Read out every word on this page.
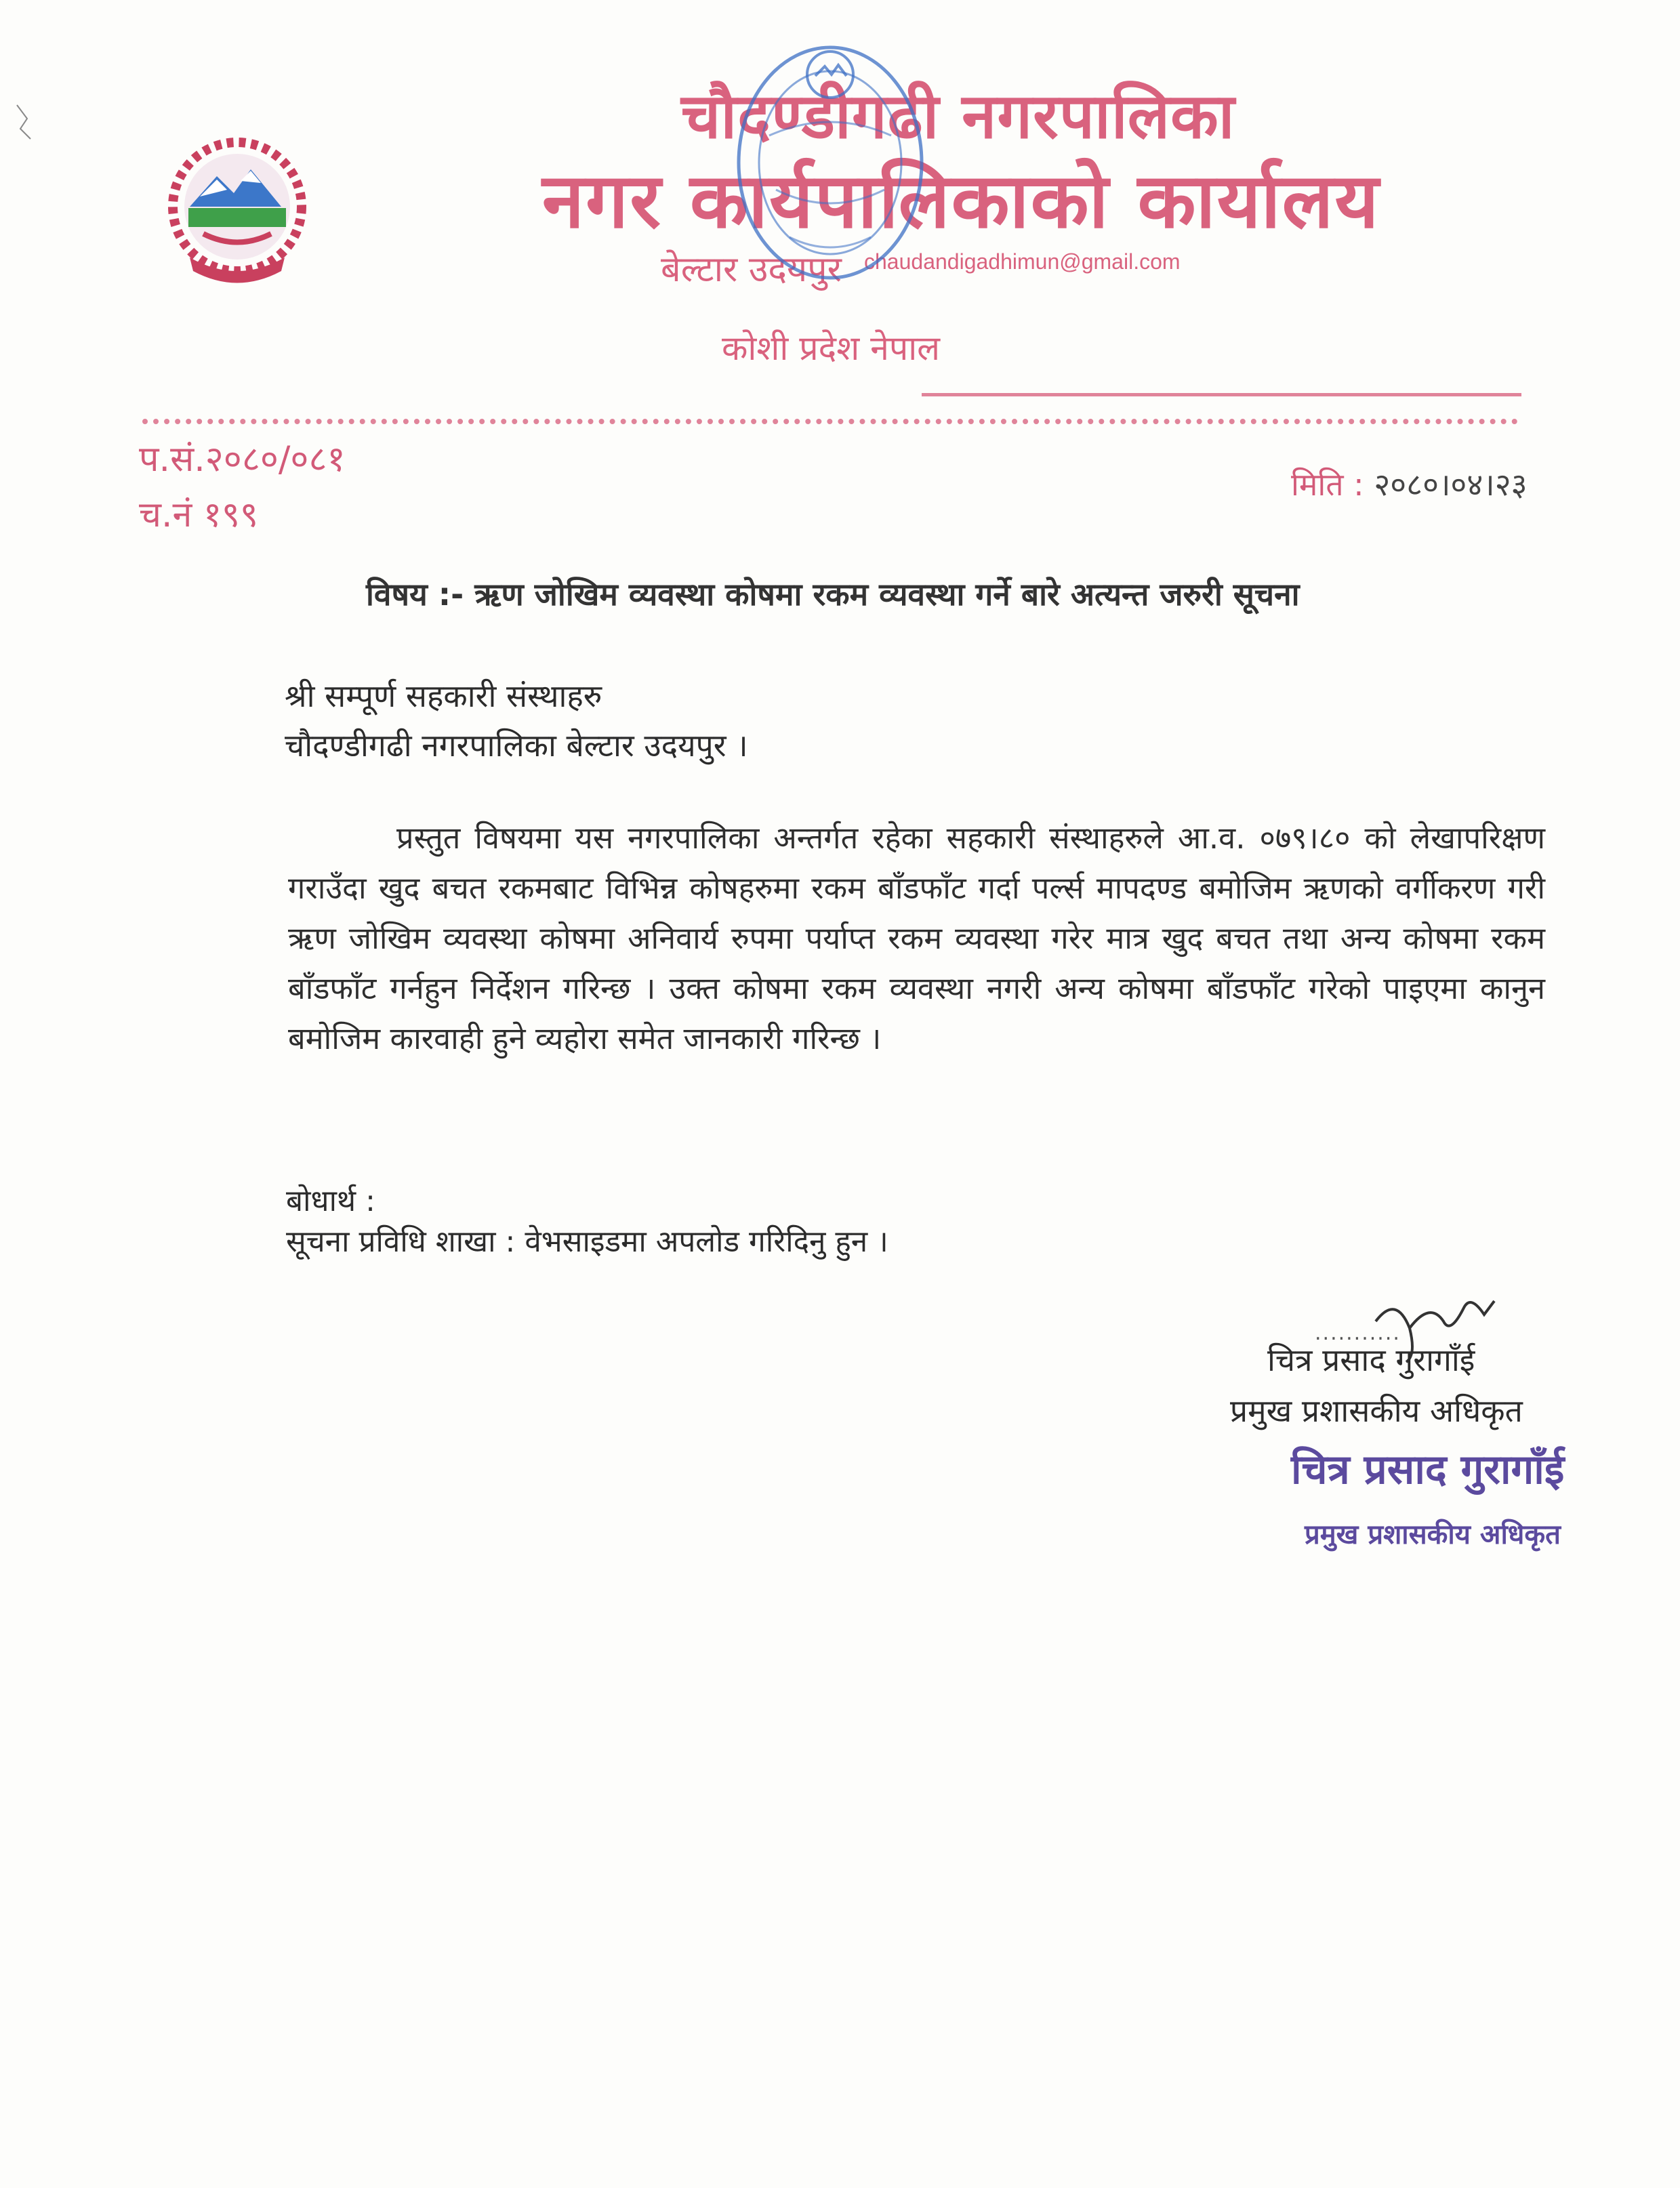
चौदण्डीगढी नगरपालिका
नगर कार्यपालिकाको कार्यालय
बेल्टार उदयपुर chaudandigadhimun@gmail.com
कोशी प्रदेश नेपाल
प.सं.२०८०/०८१
च.नं १९९
मिति : २०८०।०४।२३
विषय :- ऋण जोखिम व्यवस्था कोषमा रकम व्यवस्था गर्ने बारे अत्यन्त जरुरी सूचना
श्री सम्पूर्ण सहकारी संस्थाहरु
चौदण्डीगढी नगरपालिका बेल्टार उदयपुर ।
प्रस्तुत विषयमा यस नगरपालिका अन्तर्गत रहेका सहकारी संस्थाहरुले आ.व. ०७९।८० को लेखापरिक्षण गराउँदा खुद बचत रकमबाट विभिन्न कोषहरुमा रकम बाँडफाँट गर्दा पर्ल्स मापदण्ड बमोजिम ऋणको वर्गीकरण गरी ऋण जोखिम व्यवस्था कोषमा अनिवार्य रुपमा पर्याप्त रकम व्यवस्था गरेर मात्र खुद बचत तथा अन्य कोषमा रकम बाँडफाँट गर्नहुन निर्देशन गरिन्छ । उक्त कोषमा रकम व्यवस्था नगरी अन्य कोषमा बाँडफाँट गरेको पाइएमा कानुन बमोजिम कारवाही हुने व्यहोरा समेत जानकारी गरिन्छ ।
बोधार्थ :
सूचना प्रविधि शाखा : वेभसाइडमा अपलोड गरिदिनु हुन ।
...........
चित्र प्रसाद गुरागाँई
प्रमुख प्रशासकीय अधिकृत
चित्र प्रसाद गुरागाँई
प्रमुख प्रशासकीय अधिकृत
